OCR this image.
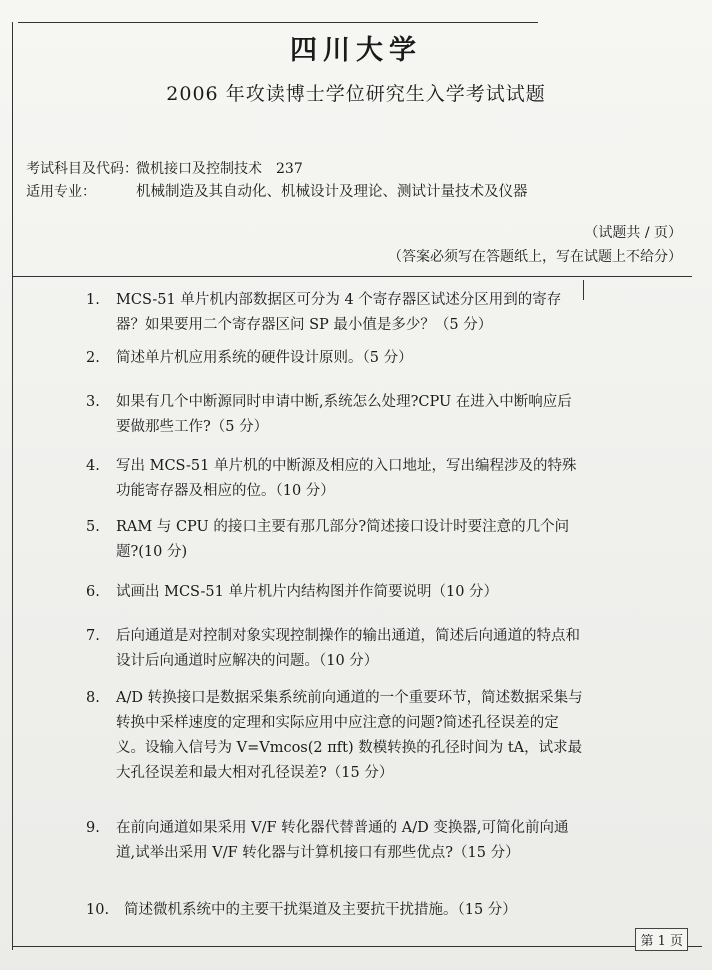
四川大学
2006 年攻读博士学位研究生入学考试试题
考试科目及代码：微机接口及控制技术　237
适用专业：	机械制造及其自动化、机械设计及理论、测试计量技术及仪器
（试题共 / 页）
（答案必须写在答题纸上，写在试题上不给分）
1. MCS-51 单片机内部数据区可分为 4 个寄存器区试述分区用到的寄存器？如果要用二个寄存器区问 SP 最小值是多少？（5 分）
2. 简述单片机应用系统的硬件设计原则。（5 分）
3. 如果有几个中断源同时申请中断,系统怎么处理?CPU 在进入中断响应后要做那些工作?（5 分）
4. 写出 MCS-51 单片机的中断源及相应的入口地址，写出编程涉及的特殊功能寄存器及相应的位。（10 分）
5. RAM 与 CPU 的接口主要有那几部分?简述接口设计时要注意的几个问题?(10 分)
6. 试画出 MCS-51 单片机片内结构图并作简要说明（10 分）
7. 后向通道是对控制对象实现控制操作的输出通道，简述后向通道的特点和设计后向通道时应解决的问题。（10 分）
8. A/D 转换接口是数据采集系统前向通道的一个重要环节，简述数据采集与转换中采样速度的定理和实际应用中应注意的问题?简述孔径误差的定义。设输入信号为 V=Vmcos(2 πft) 数模转换的孔径时间为 tA，试求最大孔径误差和最大相对孔径误差?（15 分）
9. 在前向通道如果采用 V/F 转化器代替普通的 A/D 变换器,可简化前向通道,试举出采用 V/F 转化器与计算机接口有那些优点?（15 分）
10. 简述微机系统中的主要干扰渠道及主要抗干扰措施。（15 分）
第 1 页
